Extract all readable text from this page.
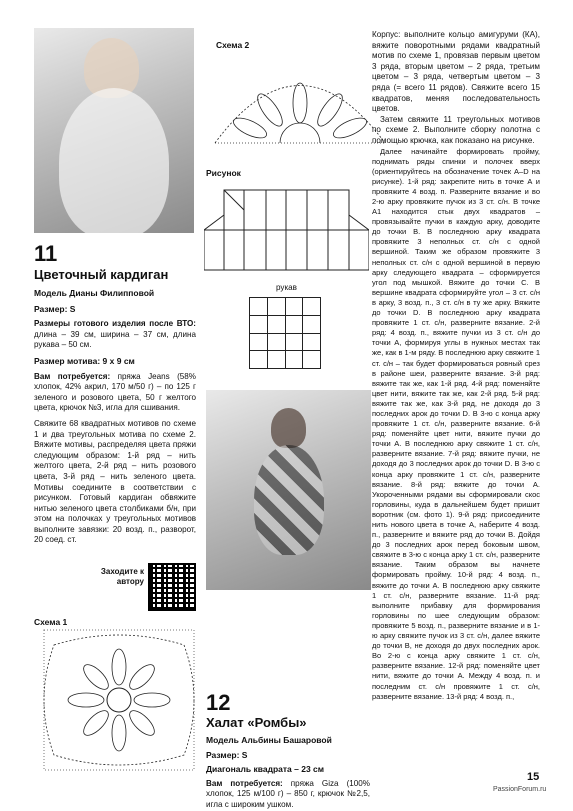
11
Цветочный кардиган
Модель Дианы Филипповой
Размер: S
Размеры готового изделия после ВТО: длина – 39 см, ширина – 37 см, длина рукава – 50 см.
Размер мотива: 9 х 9 см
Вам потребуется: пряжа Jeans (58% хлопок, 42% акрил, 170 м/50 г) – по 125 г зеленого и розового цвета, 50 г желтого цвета, крючок №3, игла для сшивания.
Свяжите 68 квадратных мотивов по схеме 1 и два треугольных мотива по схеме 2. Вяжите мотивы, распределяя цвета пряжи следующим образом: 1-й ряд – нить желтого цвета, 2-й ряд – нить розового цвета, 3-й ряд – нить зеленого цвета. Мотивы соедините в соответствии с рисунком. Готовый кардиган обвяжите нитью зеленого цвета столбиками б/н, при этом на полочках у треугольных мотивов выполните завязки: 20 возд. п., разворот, 20 соед. ст.
Заходите к автору
Схема 1
Схема 2
Рисунок
рукав

12
Халат «Ромбы»
Модель Альбины Башаровой
Размер: S
Диагональ квадрата – 23 см
Вам потребуется: пряжа Giza (100% хлопок, 125 м/100 г) – 850 г, крючок №2,5, игла с широким ушком.

Корпус: выполните кольцо амигуруми (КА), вяжите поворотными рядами квадратный мотив по схеме 1, провязав первым цветом 3 ряда, вторым цветом – 2 ряда, третьим цветом – 3 ряда, четвертым цветом – 3 ряда (= всего 11 рядов). Свяжите всего 15 квадратов, меняя последовательность цветов.

Затем свяжите 11 треугольных мотивов по схеме 2. Выполните сборку полотна с помощью крючка, как показано на рисунке.

Далее начинайте формировать пройму, поднимать ряды спинки и полочек вверх (ориентируйтесь на обозначение точек A–D на рисунке). 1-й ряд: закрепите нить в точке А и провяжите 4 возд. п. Разверните вязание и во 2-ю арку провяжите пучок из 3 ст. с/н. В точке A1 находится стык двух квадратов – провязывайте пучки в каждую арку, доводите до точки B. В последнюю арку квадрата провяжите 3 неполных ст. с/н с одной вершиной. Таким же образом провяжите 3 неполных ст. с/н с одной вершиной в первую арку следующего квадрата – сформируется угол под мышкой. Вяжите до точки С. В вершине квадрата сформируйте угол – 3 ст. с/н в арку, 3 возд. п., 3 ст. с/н в ту же арку. Вяжите до точки D. В последнюю арку квадрата провяжите 1 ст. с/н, разверните вязание. 2-й ряд: 4 возд. п., вяжите пучки из 3 ст. с/н до точки А, формируя углы в нужных местах так же, как в 1-м ряду. В последнюю арку свяжите 1 ст. с/н – так будет формироваться ровный срез в районе шеи, разверните вязание. 3-й ряд: вяжите так же, как 1-й ряд. 4-й ряд: поменяйте цвет нити, вяжите так же, как 2-й ряд. 5-й ряд: вяжите так же, как 3-й ряд, не доходя до 3 последних арок до точки D. В 3-ю с конца арку провяжите 1 ст. с/н, разверните вязание. 6-й ряд: поменяйте цвет нити, вяжите пучки до точки А. В последнюю арку свяжите 1 ст. с/н, разверните вязание. 7-й ряд: вяжите пучки, не доходя до 3 последних арок до точки D. В 3-ю с конца арку провяжите 1 ст. с/н, разверните вязание. 8-й ряд: вяжите до точки А. Укороченными рядами вы сформировали скос горловины, куда в дальнейшем будет пришит воротник (см. фото 1). 9-й ряд: присоедините нить нового цвета в точке А, наберите 4 возд. п., разверните и вяжите ряд до точки В. Дойдя до 3 последних арок перед боковым швом, свяжите в 3-ю с конца арку 1 ст. с/н, разверните вязание. Таким образом вы начнете формировать пройму. 10-й ряд: 4 возд. п., вяжите до точки А. В последнюю арку свяжите 1 ст. с/н, разверните вязание. 11-й ряд: выполните прибавку для формирования горловины по шее следующим образом: провяжите 5 возд. п., разверните вязание и в 1-ю арку свяжите пучок из 3 ст. с/н, далее вяжите до точки В, не доходя до двух последних арок. Во 2-ю с конца арку свяжите 1 ст. с/н, разверните вязание. 12-й ряд: поменяйте цвет нити, вяжите до точки А. Между 4 возд. п. и последним ст. с/н провяжите 1 ст. с/н, разверните вязание. 13-й ряд: 4 возд. п.,

15
PassionForum.ru
